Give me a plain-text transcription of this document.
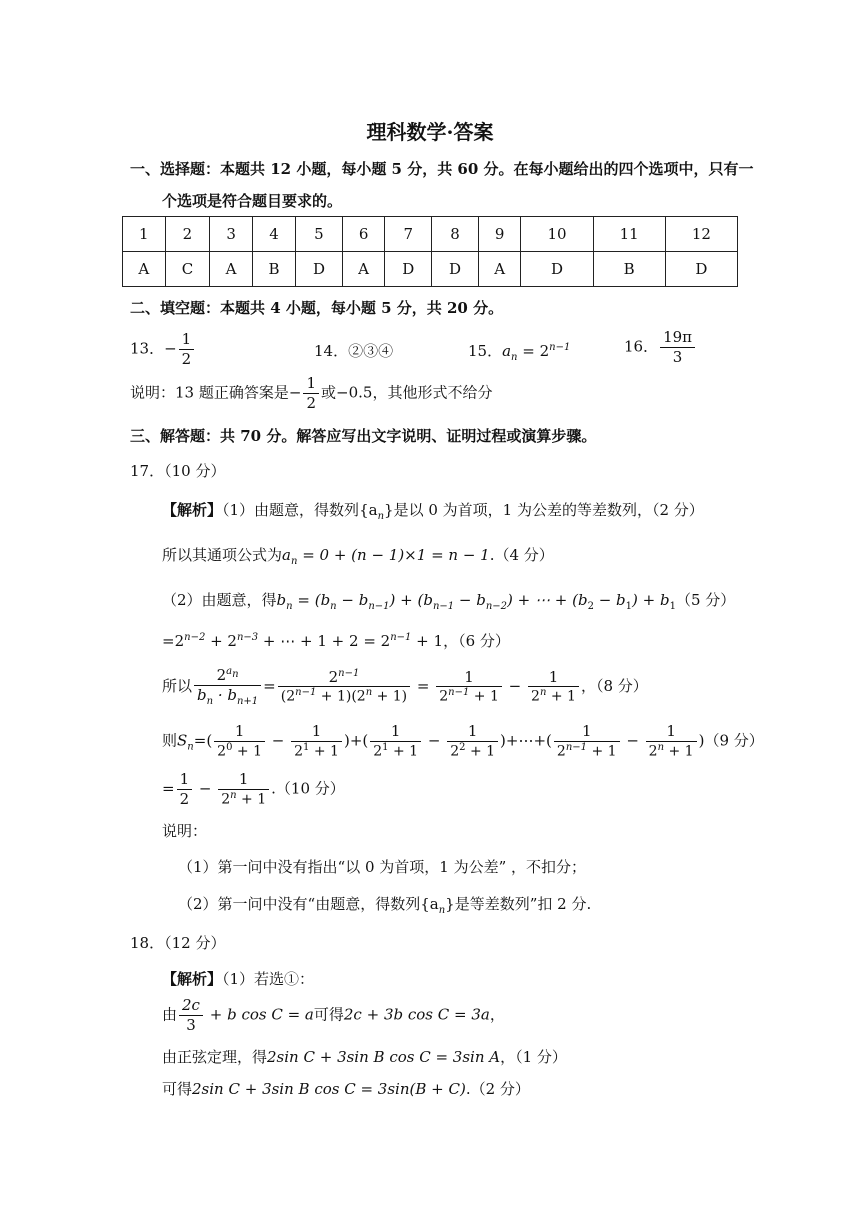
理科数学·答案
一、选择题：本题共 12 小题，每小题 5 分，共 60 分。在每小题给出的四个选项中，只有一
个选项是符合题目要求的。
1	2	3	4	5	6	7	8	9	10	11	12
A	C	A	B	D	A	D	D	A	D	B	D
二、填空题：本题共 4 小题，每小题 5 分，共 20 分。
13．− $\frac{1}{2}$	14．②③④	15．$a_n = 2^{n-1}$	16． $\frac{19\pi}{3}$
说明：13 题正确答案是− $\frac{1}{2}$ 或−0.5，其他形式不给分
三、解答题：共 70 分。解答应写出文字说明、证明过程或演算步骤。
17．（10 分）
【解析】（1）由题意，得数列$\{a_n\}$是以 0 为首项，1 为公差的等差数列，（2 分）
所以其通项公式为$a_n = 0 + (n - 1)\times 1 = n - 1.(4$ 分）
（2）由题意，得$b_n = (b_n - b_{n-1}) + (b_{n-1} - b_{n-2})$ + ⋯ + $(b_2 - b_1) + b_1(5$ 分）
$=2^{n-2} + 2^{n-3}$ + ⋯ + $1 + 2 = 2^{n-1} + 1$，（6 分）
所以 $\frac{2^{a_n}}{b_n \cdot b_{n+1}} = \frac{2^{n-1}}{(2^{n-1} + 1)(2^n + 1)} = \frac{1}{2^{n-1} + 1} - \frac{1}{2^n + 1}$ ，（8 分）
则$S_n=( \frac{1}{2^0 + 1} - \frac{1}{2^1 + 1}$ )+( $\frac{1}{2^1 + 1} - \frac{1}{2^2 + 1}$ )+⋯+( $\frac{1}{2^{n-1} + 1} - \frac{1}{2^n + 1} )(9$ 分）
= $\frac{1}{2} - \frac{1}{2^n + 1} .(10$ 分）
说明：
（1）第一问中没有指出“以 0 为首项，1 为公差” ，不扣分；
（2）第一问中没有“由题意，得数列$\{a_n\}$是等差数列”扣 2 分.
18．（12 分）
【解析】（1）若选①：
由 $\frac{2c}{3} + b$ cos C = a可得2c + 3b cos C = 3a，
由正弦定理，得2sin C + 3sin B cos C = 3sin A，（1 分）
可得2sin C + 3sin B cos C = 3sin(B + C).（2 分）
